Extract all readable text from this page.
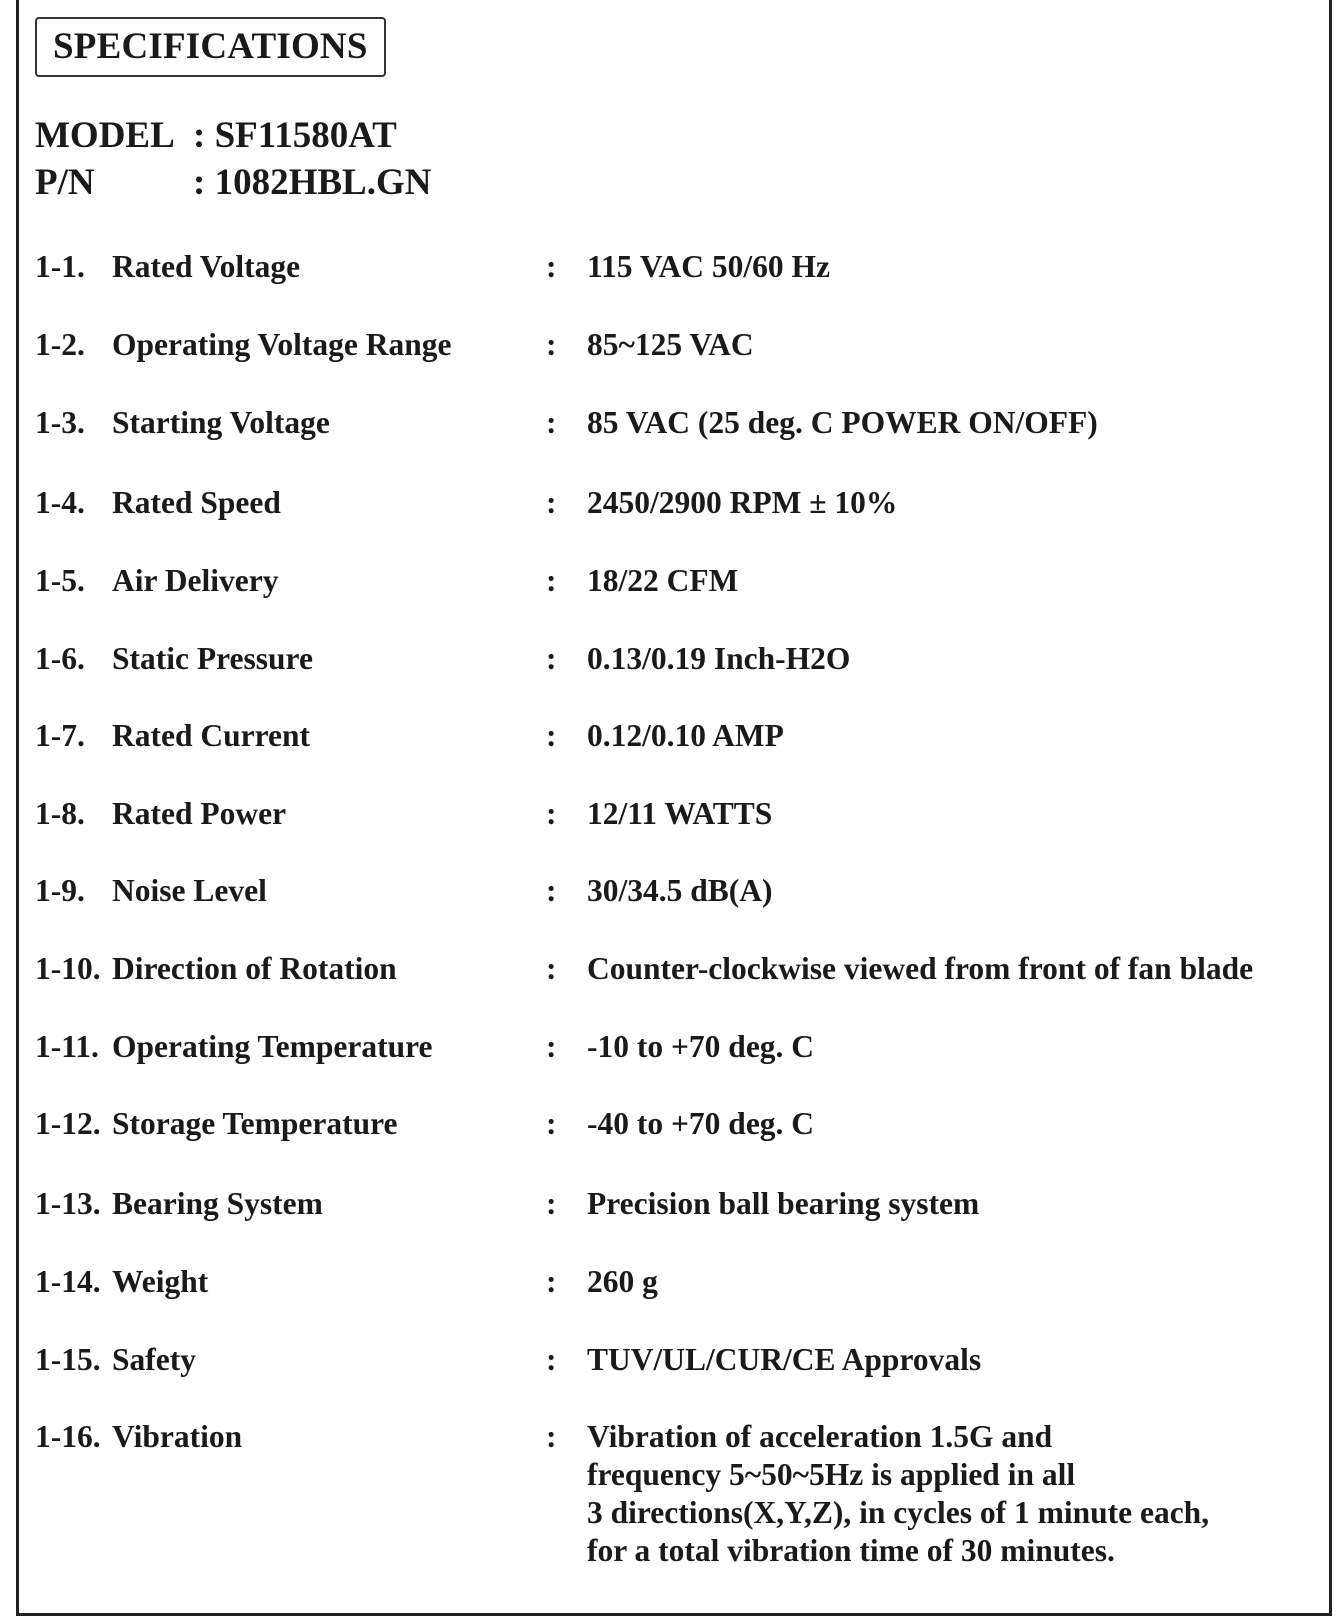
SPECIFICATIONS
MODEL : SF11580AT
P/N	: 1082HBL.GN
1-1. Rated Voltage	: 115 VAC 50/60 Hz
1-2. Operating Voltage Range	: 85~125 VAC
1-3. Starting Voltage	: 85 VAC (25 deg. C POWER ON/OFF)
1-4. Rated Speed	: 2450/2900 RPM ± 10%
1-5. Air Delivery	: 18/22 CFM
1-6. Static Pressure	: 0.13/0.19 Inch-H2O
1-7. Rated Current	: 0.12/0.10 AMP
1-8. Rated Power	: 12/11 WATTS
1-9. Noise Level	: 30/34.5 dB(A)
1-10. Direction of Rotation	: Counter-clockwise viewed from front of fan blade
1-11. Operating Temperature	: -10 to +70 deg. C
1-12. Storage Temperature	: -40 to +70 deg. C
1-13. Bearing System	: Precision ball bearing system
1-14. Weight	: 260 g
1-15. Safety	: TUV/UL/CUR/CE Approvals
1-16. Vibration	: Vibration of acceleration 1.5G and
frequency 5~50~5Hz is applied in all
3 directions(X,Y,Z), in cycles of 1 minute each,
for a total vibration time of 30 minutes.
